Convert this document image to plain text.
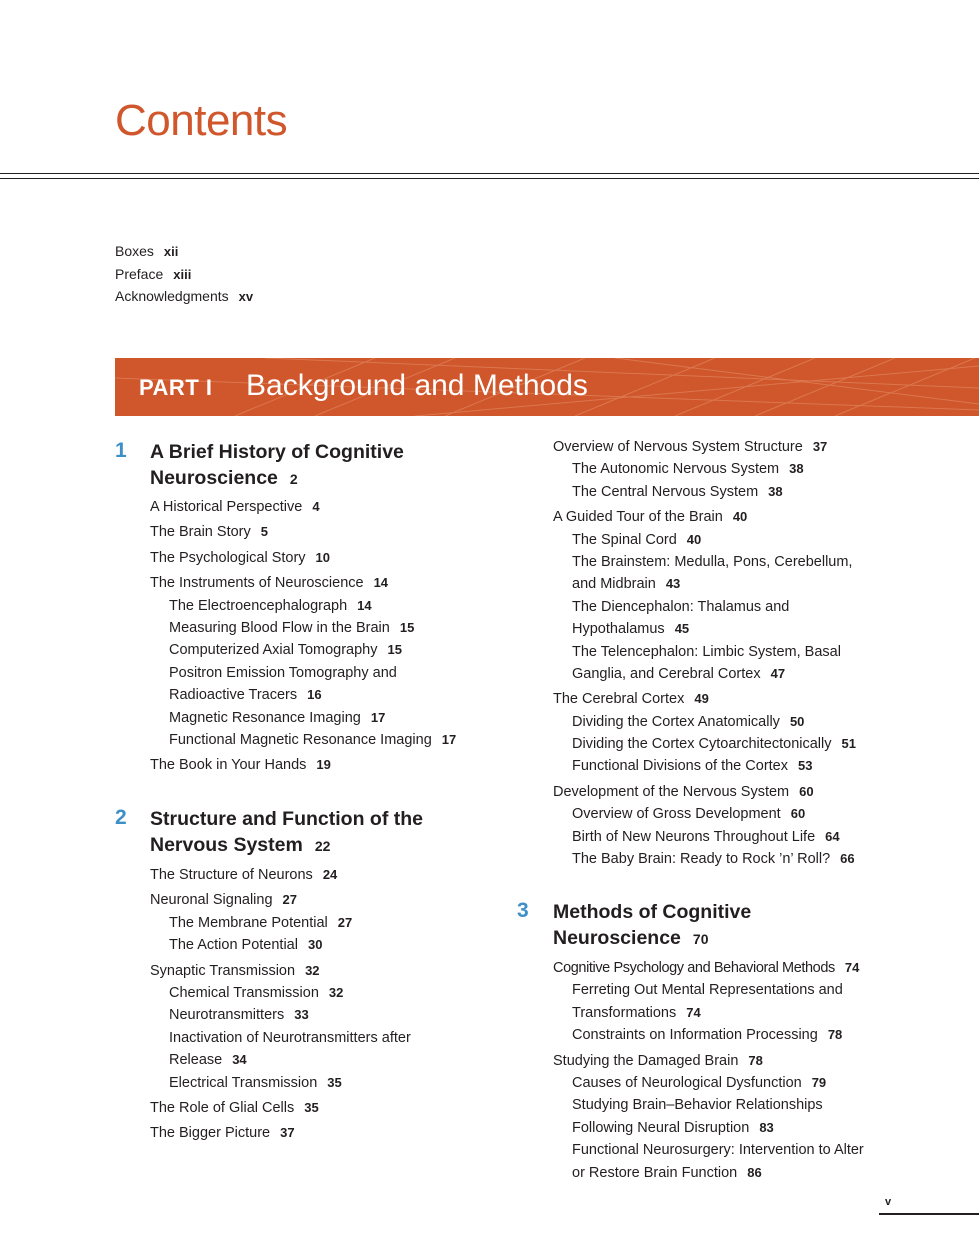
Contents
Boxes xii
Preface xiii
Acknowledgments xv
PART I Background and Methods
1 A Brief History of Cognitive
Neuroscience 2
A Historical Perspective 4
The Brain Story 5
The Psychological Story 10
The Instruments of Neuroscience 14
The Electroencephalograph 14
Measuring Blood Flow in the Brain 15
Computerized Axial Tomography 15
Positron Emission Tomography and
Radioactive Tracers 16
Magnetic Resonance Imaging 17
Functional Magnetic Resonance Imaging 17
The Book in Your Hands 19
2 Structure and Function of the
Nervous System 22
The Structure of Neurons 24
Neuronal Signaling 27
The Membrane Potential 27
The Action Potential 30
Synaptic Transmission 32
Chemical Transmission 32
Neurotransmitters 33
Inactivation of Neurotransmitters after
Release 34
Electrical Transmission 35
The Role of Glial Cells 35
The Bigger Picture 37
Overview of Nervous System Structure 37
The Autonomic Nervous System 38
The Central Nervous System 38
A Guided Tour of the Brain 40
The Spinal Cord 40
The Brainstem: Medulla, Pons, Cerebellum,
and Midbrain 43
The Diencephalon: Thalamus and
Hypothalamus 45
The Telencephalon: Limbic System, Basal
Ganglia, and Cerebral Cortex 47
The Cerebral Cortex 49
Dividing the Cortex Anatomically 50
Dividing the Cortex Cytoarchitectonically 51
Functional Divisions of the Cortex 53
Development of the Nervous System 60
Overview of Gross Development 60
Birth of New Neurons Throughout Life 64
The Baby Brain: Ready to Rock ’n’ Roll? 66
3 Methods of Cognitive
Neuroscience 70
Cognitive Psychology and Behavioral Methods 74
Ferreting Out Mental Representations and
Transformations 74
Constraints on Information Processing 78
Studying the Damaged Brain 78
Causes of Neurological Dysfunction 79
Studying Brain–Behavior Relationships
Following Neural Disruption 83
Functional Neurosurgery: Intervention to Alter
or Restore Brain Function 86
v
